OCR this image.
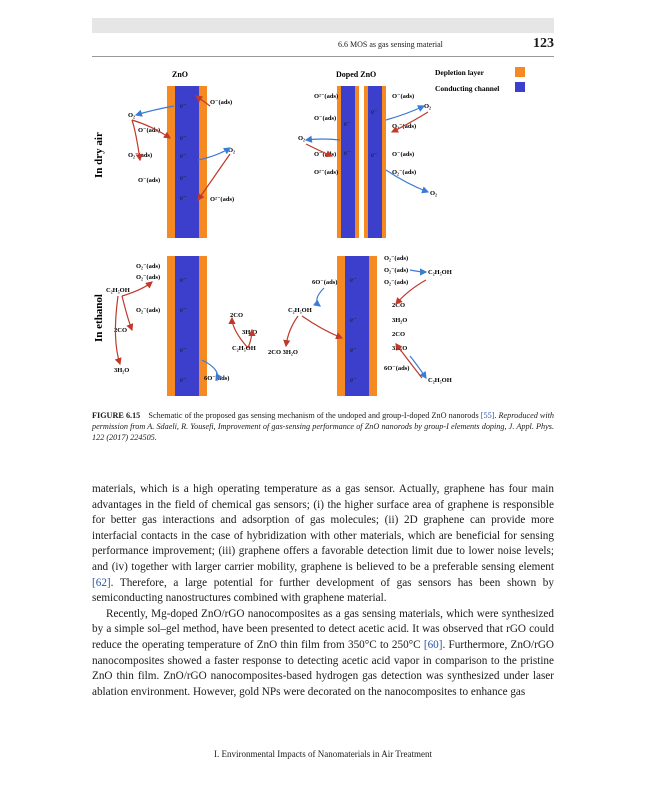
6.6 MOS as gas sensing material	123
ZnO	Doped ZnO	Depletion layer
Conducting channel
In dry air
In ethanol
e⁻
e⁻
e⁻
e⁻
e⁻
e⁻
e⁻
e⁻
e⁻
e⁻
e⁻
e⁻
e⁻
e⁻
e⁻
e⁻
e⁻
O₂
O⁻(ads)
O₂⁻(ads)
O⁻(ads)
O⁻(ads)
O₂
O²⁻(ads)
O²⁻(ads)	O⁻(ads)
O₂
O⁻(ads)
O₂⁻(ads)
O₂
O⁻(ads)	O⁻(ads)
O²⁻(ads)	O₂⁻(ads)
O₂
O₂⁻(ads)
O₂⁻(ads)
C₂H₅OH
O₂⁻(ads)
2CO
3H₂O
2CO
3H₂O
C₂H₅OH
6O⁻(ads)
O₂⁻(ads)
O₂⁻(ads)	C₂H₅OH
O₂⁻(ads)
6O⁻(ads)
2CO
C₂H₅OH
3H₂O
2CO
2CO 3H₂O
3H₂O
6O⁻(ads)
C₂H₅OH
FIGURE 6.15 Schematic of the proposed gas sensing mechanism of the undoped and group-I-doped ZnO nanorods [55]. Reproduced with permission from A. Sdaeli, R. Yousefi, Improvement of gas-sensing performance of ZnO nanorods by group-I elements doping, J. Appl. Phys. 122 (2017) 224505.

materials, which is a high operating temperature as a gas sensor. Actually, graphene has four main advantages in the field of chemical gas sensors; (i) the higher surface area of graphene is responsible for better gas interactions and adsorption of gas molecules; (ii) 2D graphene can provide more interfacial contacts in the case of hybridization with other materials, which are beneficial for sensing performance improvement; (iii) graphene offers a favorable detection limit due to lower noise levels; and (iv) together with larger carrier mobility, graphene is believed to be a preferable sensing element [62]. Therefore, a large potential for further development of gas sensors has been shown by semiconducting nanostructures combined with graphene material.

Recently, Mg-doped ZnO/rGO nanocomposites as a gas sensing materials, which were synthesized by a simple sol–gel method, have been presented to detect acetic acid. It was observed that rGO could reduce the operating temperature of ZnO thin film from 350°C to 250°C [60]. Furthermore, ZnO/rGO nanocomposites showed a faster response to detecting acetic acid vapor in comparison to the pristine ZnO thin film. ZnO/rGO nanocomposites-based hydrogen gas detection was synthesized under laser ablation environment. However, gold NPs were decorated on the nanocomposites to enhance gas

I. Environmental Impacts of Nanomaterials in Air Treatment
